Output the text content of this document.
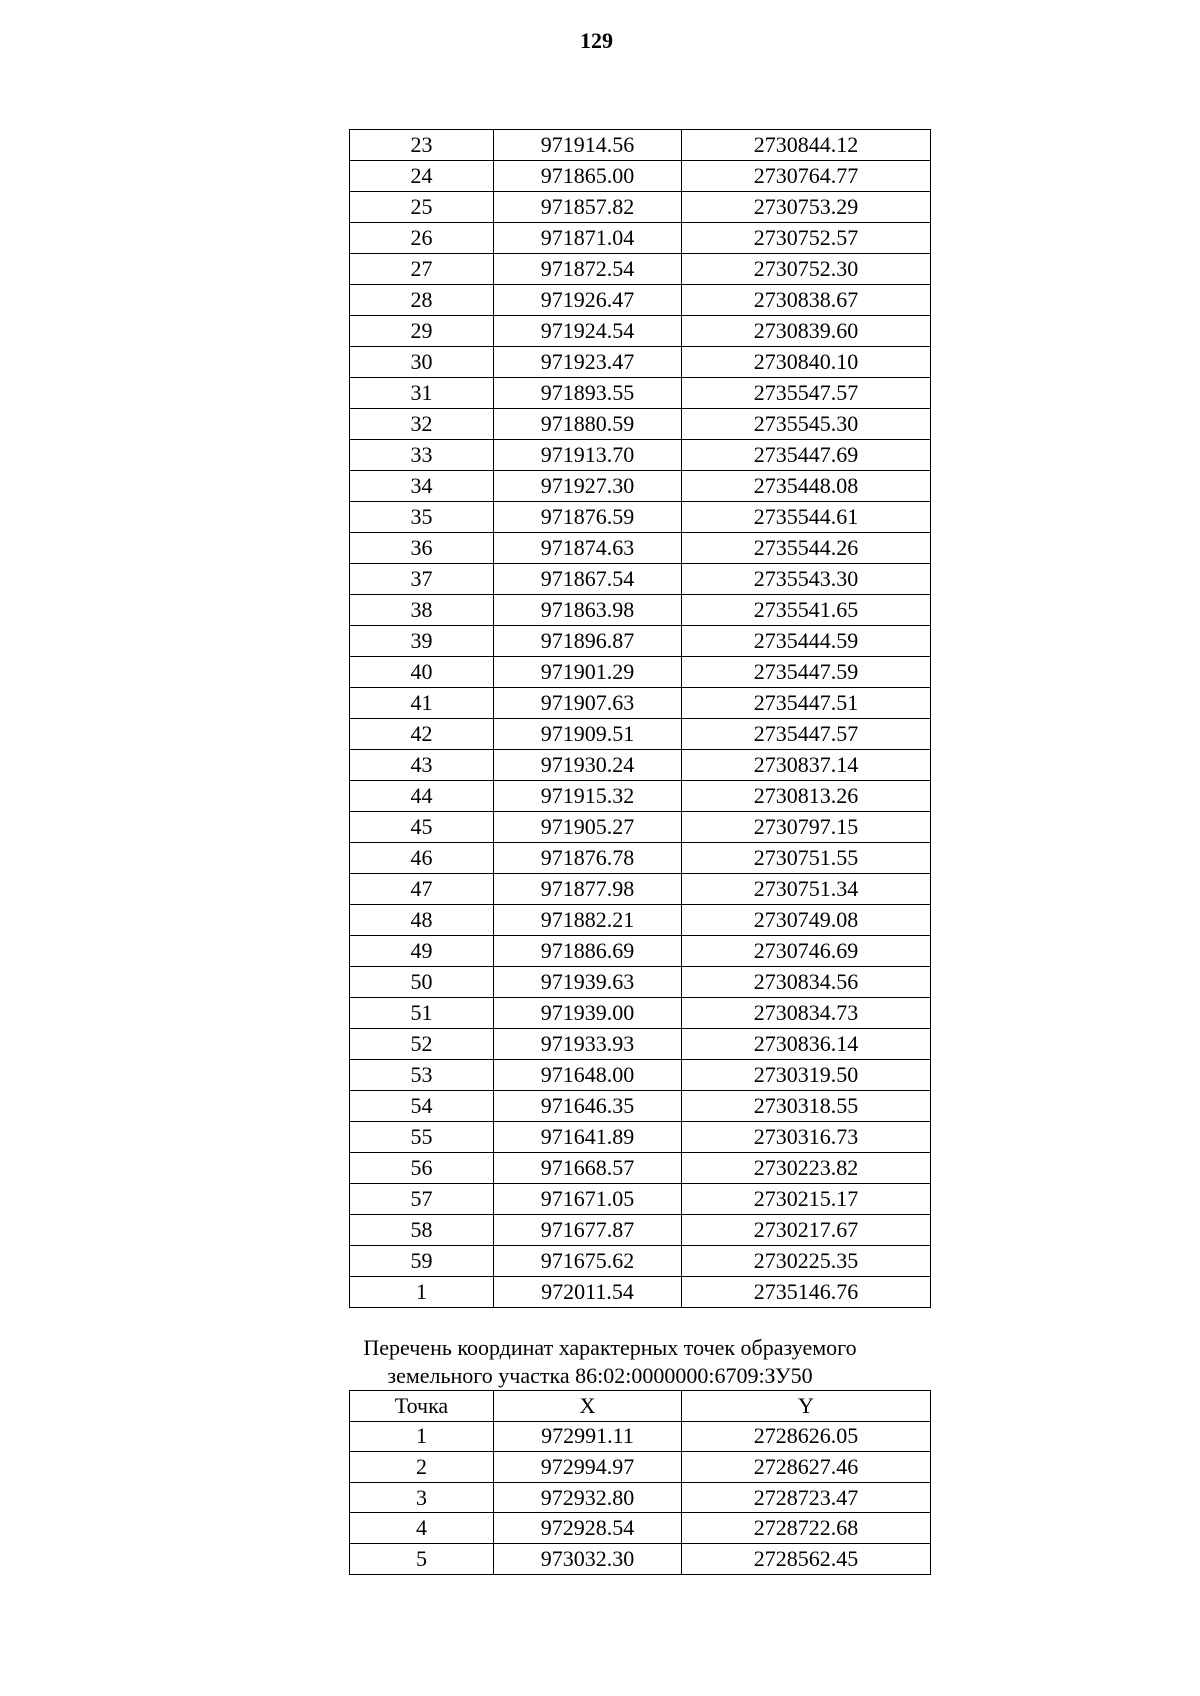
129
23	971914.56	2730844.12
24	971865.00	2730764.77
25	971857.82	2730753.29
26	971871.04	2730752.57
27	971872.54	2730752.30
28	971926.47	2730838.67
29	971924.54	2730839.60
30	971923.47	2730840.10
31	971893.55	2735547.57
32	971880.59	2735545.30
33	971913.70	2735447.69
34	971927.30	2735448.08
35	971876.59	2735544.61
36	971874.63	2735544.26
37	971867.54	2735543.30
38	971863.98	2735541.65
39	971896.87	2735444.59
40	971901.29	2735447.59
41	971907.63	2735447.51
42	971909.51	2735447.57
43	971930.24	2730837.14
44	971915.32	2730813.26
45	971905.27	2730797.15
46	971876.78	2730751.55
47	971877.98	2730751.34
48	971882.21	2730749.08
49	971886.69	2730746.69
50	971939.63	2730834.56
51	971939.00	2730834.73
52	971933.93	2730836.14
53	971648.00	2730319.50
54	971646.35	2730318.55
55	971641.89	2730316.73
56	971668.57	2730223.82
57	971671.05	2730215.17
58	971677.87	2730217.67
59	971675.62	2730225.35
1	972011.54	2735146.76
Перечень координат характерных точек образуемого
земельного участка 86:02:0000000:6709:ЗУ50
Точка	X	Y
1	972991.11	2728626.05
2	972994.97	2728627.46
3	972932.80	2728723.47
4	972928.54	2728722.68
5	973032.30	2728562.45
